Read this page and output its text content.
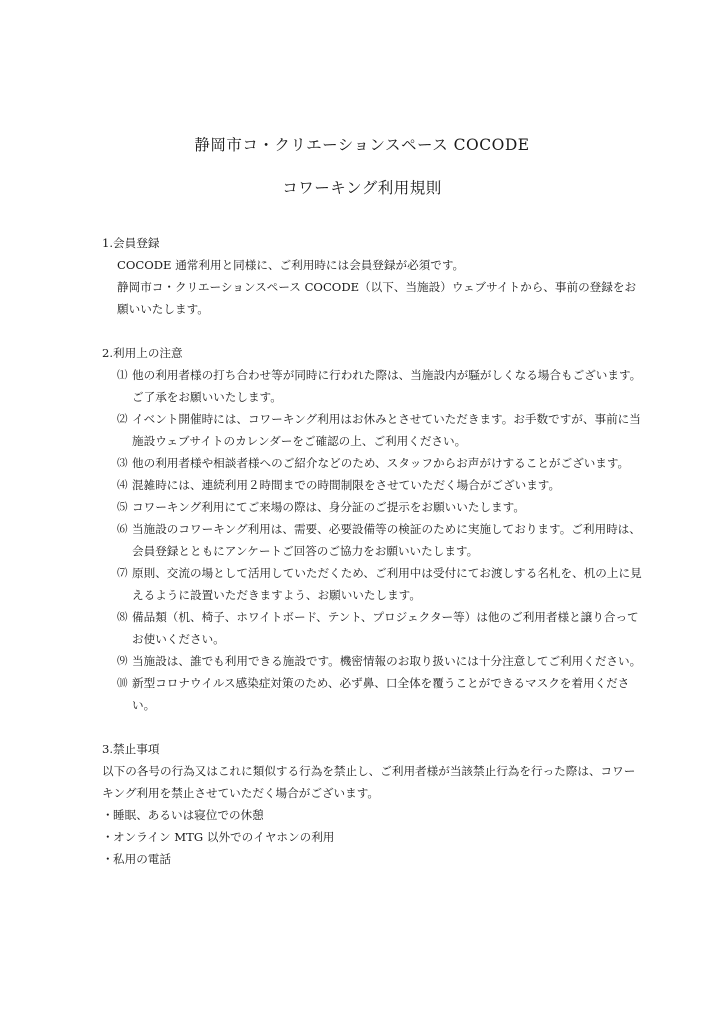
静岡市コ・クリエーションスペース COCODE
コワーキング利用規則

1.会員登録

COCODE 通常利用と同様に、ご利用時には会員登録が必須です。

静岡市コ・クリエーションスペース COCODE（以下、当施設）ウェブサイトから、事前の登録をお願いいたします。

2.利用上の注意

⑴ 他の利用者様の打ち合わせ等が同時に行われた際は、当施設内が騒がしくなる場合もございます。ご了承をお願いいたします。
⑵ イベント開催時には、コワーキング利用はお休みとさせていただきます。お手数ですが、事前に当施設ウェブサイトのカレンダーをご確認の上、ご利用ください。
⑶ 他の利用者様や相談者様へのご紹介などのため、スタッフからお声がけすることがございます。
⑷ 混雑時には、連続利用２時間までの時間制限をさせていただく場合がございます。
⑸ コワーキング利用にてご来場の際は、身分証のご提示をお願いいたします。
⑹ 当施設のコワーキング利用は、需要、必要設備等の検証のために実施しております。ご利用時は、会員登録とともにアンケートご回答のご協力をお願いいたします。
⑺ 原則、交流の場として活用していただくため、ご利用中は受付にてお渡しする名札を、机の上に見えるように設置いただきますよう、お願いいたします。
⑻ 備品類（机、椅子、ホワイトボード、テント、プロジェクター等）は他のご利用者様と譲り合ってお使いください。
⑼ 当施設は、誰でも利用できる施設です。機密情報のお取り扱いには十分注意してご利用ください。
⑽ 新型コロナウイルス感染症対策のため、必ず鼻、口全体を覆うことができるマスクを着用ください。

3.禁止事項

以下の各号の行為又はこれに類似する行為を禁止し、ご利用者様が当該禁止行為を行った際は、コワーキング利用を禁止させていただく場合がございます。

・ 睡眠、あるいは寝位での休憩
・ オンライン MTG 以外でのイヤホンの利用
・ 私用の電話
